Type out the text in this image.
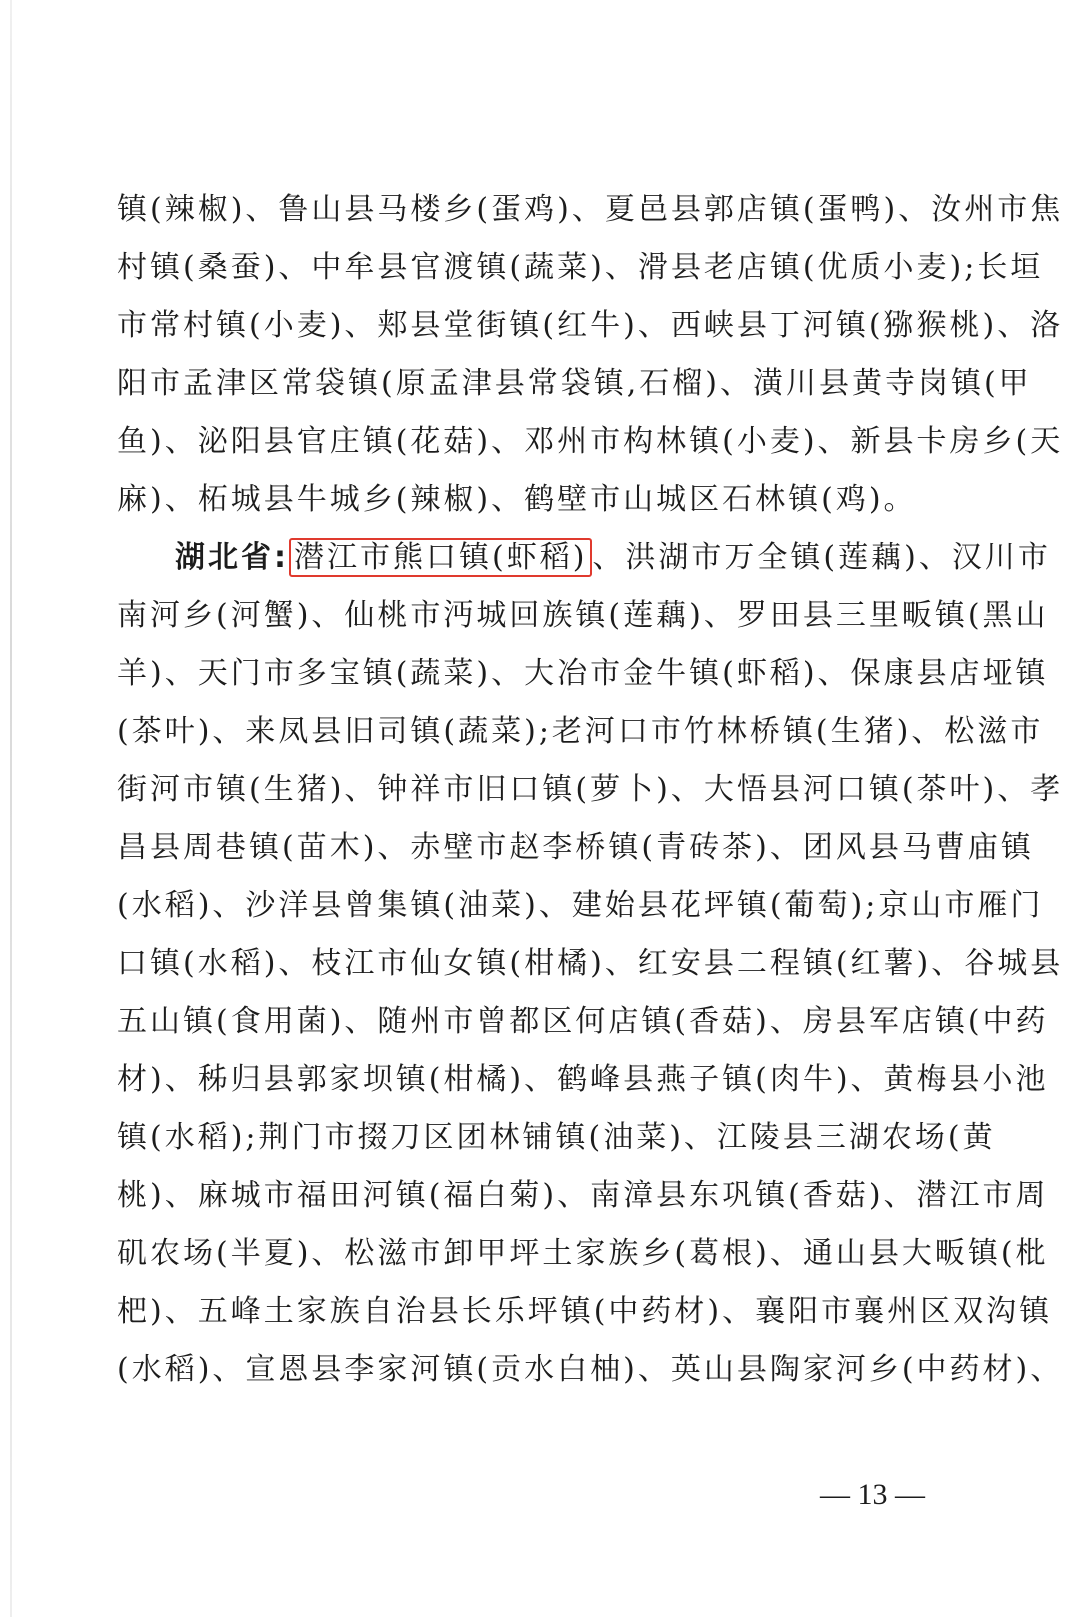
镇(辣椒)、鲁山县马楼乡(蛋鸡)、夏邑县郭店镇(蛋鸭)、汝州市焦
村镇(桑蚕)、中牟县官渡镇(蔬菜)、滑县老店镇(优质小麦);长垣
市常村镇(小麦)、郏县堂街镇(红牛)、西峡县丁河镇(猕猴桃)、洛
阳市孟津区常袋镇(原孟津县常袋镇,石榴)、潢川县黄寺岗镇(甲
鱼)、泌阳县官庄镇(花菇)、邓州市构林镇(小麦)、新县卡房乡(天
麻)、柘城县牛城乡(辣椒)、鹤壁市山城区石林镇(鸡)。
湖北省: 潜江市熊口镇(虾稻) 、洪湖市万全镇(莲藕)、汉川市
南河乡(河蟹)、仙桃市沔城回族镇(莲藕)、罗田县三里畈镇(黑山
羊)、天门市多宝镇(蔬菜)、大冶市金牛镇(虾稻)、保康县店垭镇
(茶叶)、来凤县旧司镇(蔬菜);老河口市竹林桥镇(生猪)、松滋市
街河市镇(生猪)、钟祥市旧口镇(萝卜)、大悟县河口镇(茶叶)、孝
昌县周巷镇(苗木)、赤壁市赵李桥镇(青砖茶)、团风县马曹庙镇
(水稻)、沙洋县曾集镇(油菜)、建始县花坪镇(葡萄);京山市雁门
口镇(水稻)、枝江市仙女镇(柑橘)、红安县二程镇(红薯)、谷城县
五山镇(食用菌)、随州市曾都区何店镇(香菇)、房县军店镇(中药
材)、秭归县郭家坝镇(柑橘)、鹤峰县燕子镇(肉牛)、黄梅县小池
镇(水稻);荆门市掇刀区团林铺镇(油菜)、江陵县三湖农场(黄
桃)、麻城市福田河镇(福白菊)、南漳县东巩镇(香菇)、潜江市周
矶农场(半夏)、松滋市卸甲坪土家族乡(葛根)、通山县大畈镇(枇
杷)、五峰土家族自治县长乐坪镇(中药材)、襄阳市襄州区双沟镇
(水稻)、宣恩县李家河镇(贡水白柚)、英山县陶家河乡(中药材)、
— 13 —
